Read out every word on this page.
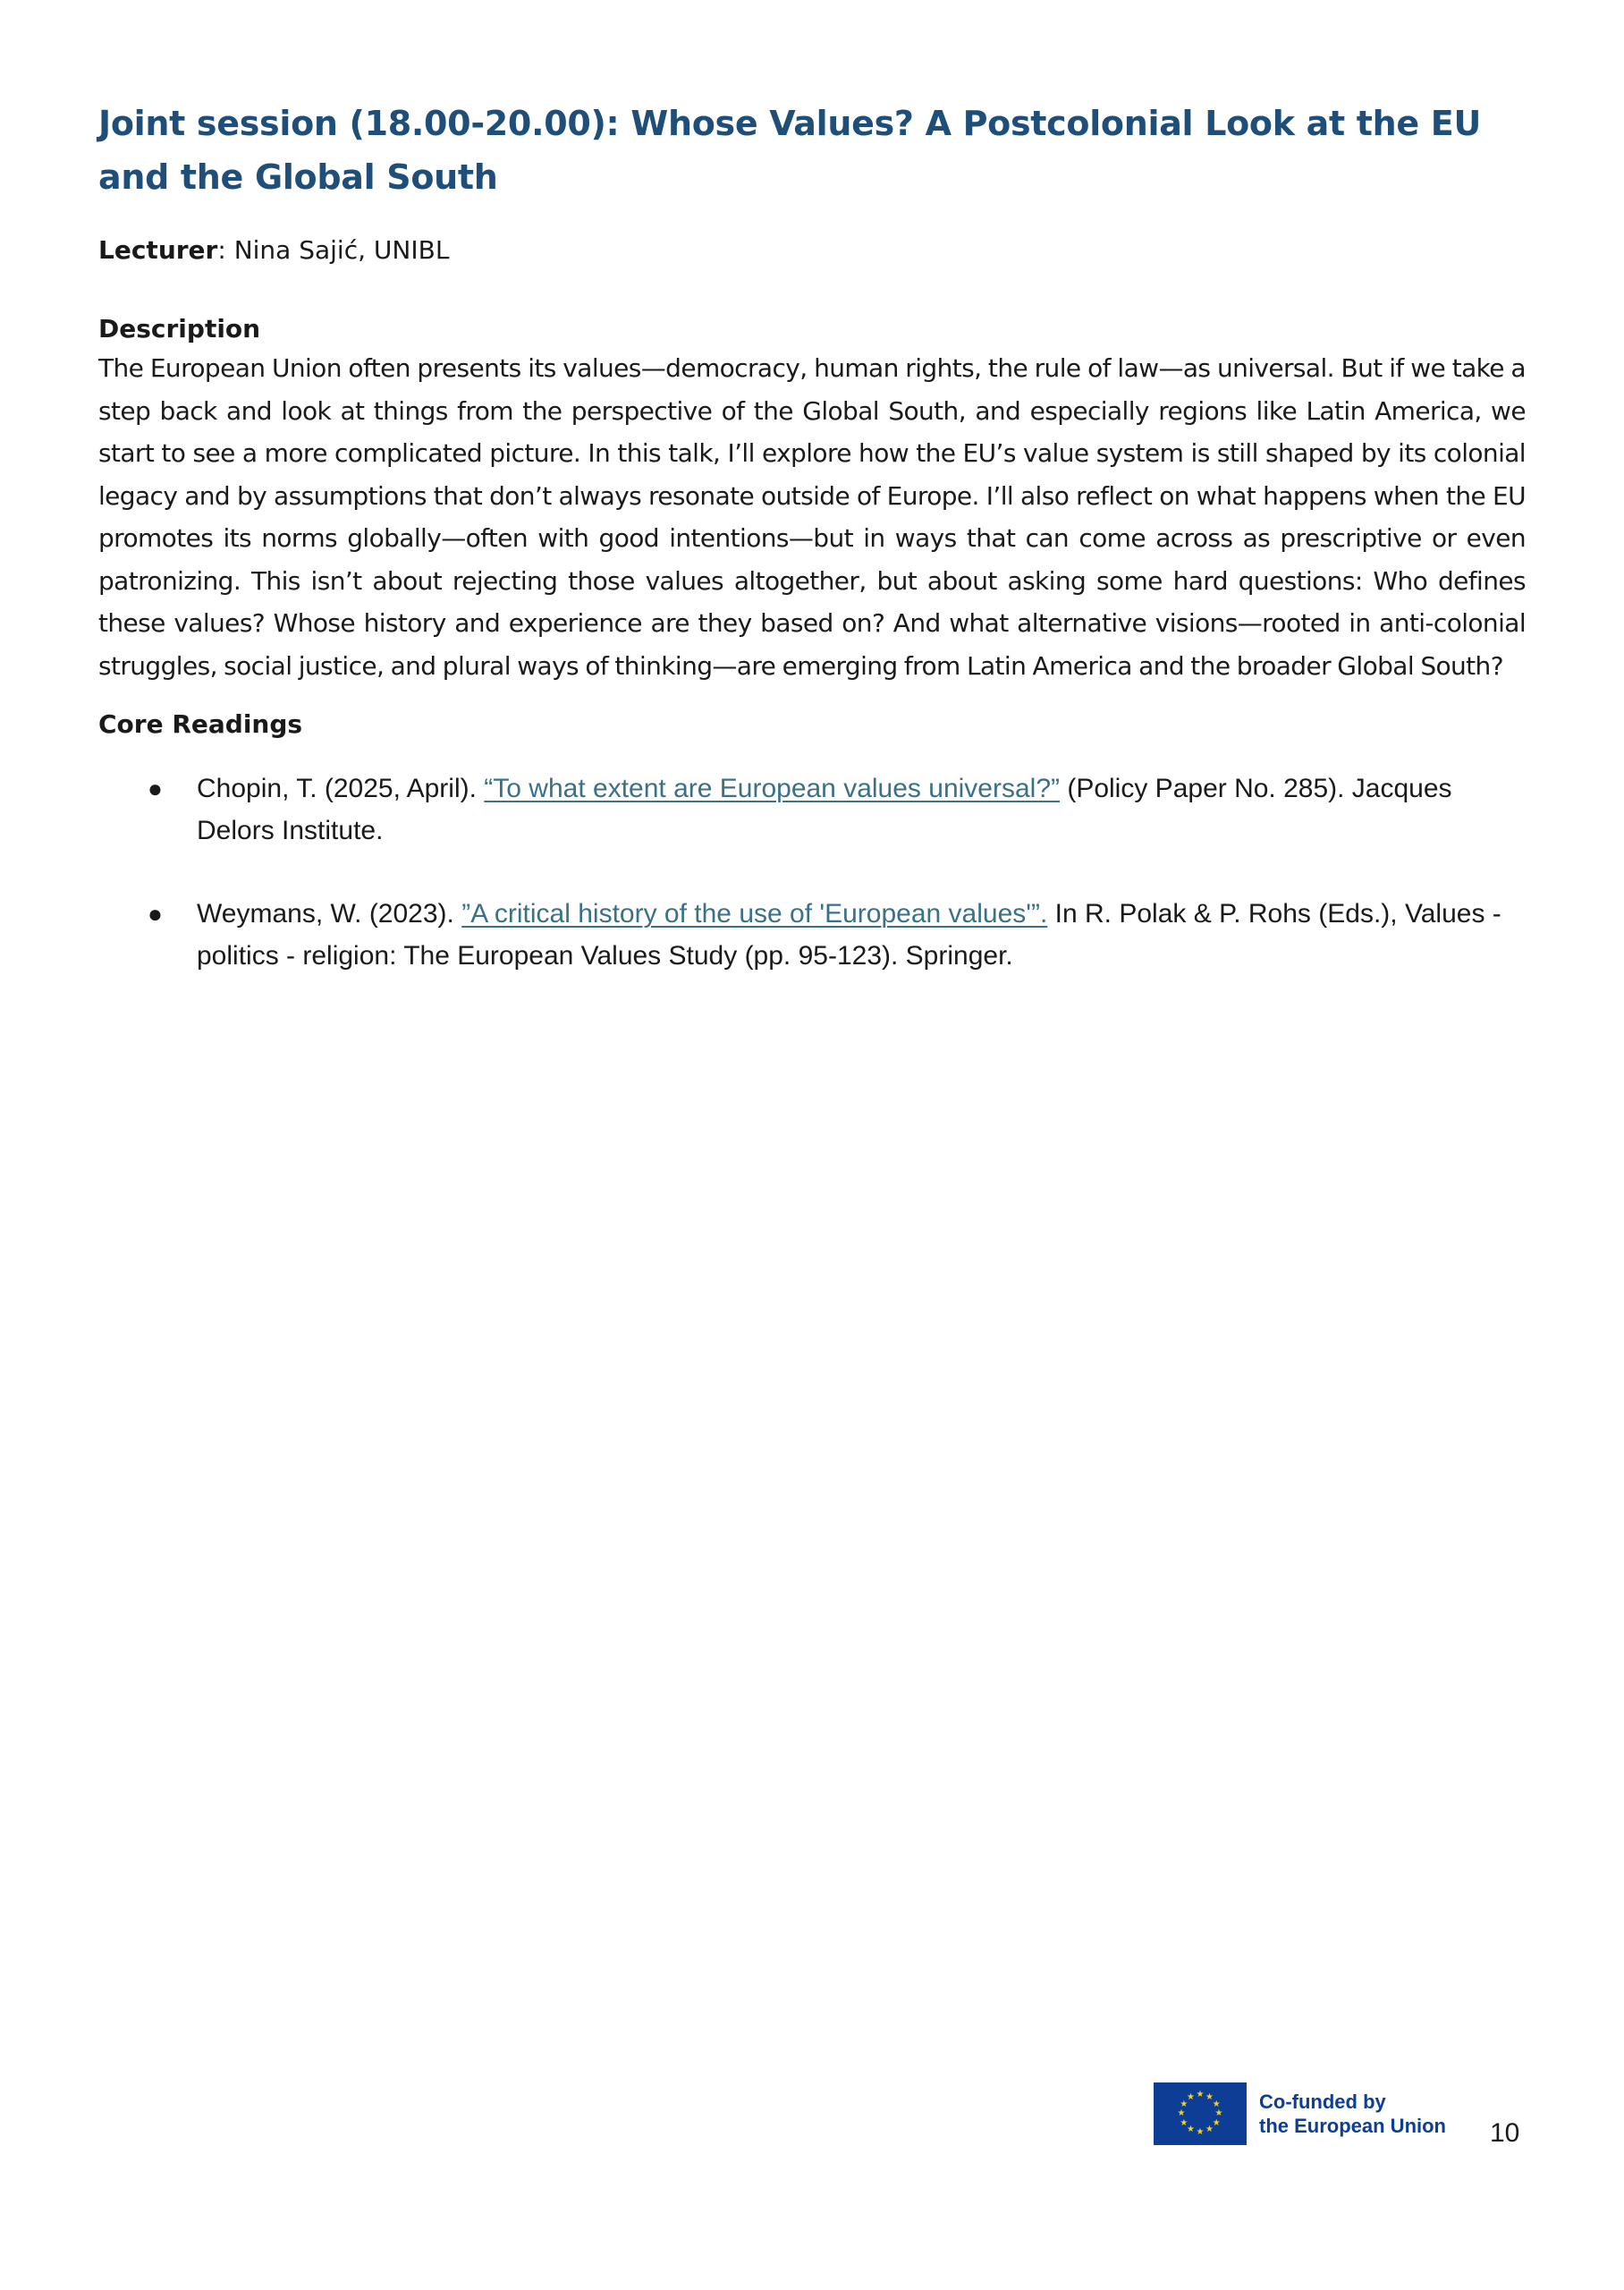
Joint session (18.00-20.00): Whose Values? A Postcolonial Look at the EU and the Global South
Lecturer: Nina Sajić, UNIBL
Description
The European Union often presents its values—democracy, human rights, the rule of law—as universal. But if we take a step back and look at things from the perspective of the Global South, and especially regions like Latin America, we start to see a more complicated picture. In this talk, I’ll explore how the EU’s value system is still shaped by its colonial legacy and by assumptions that don’t always resonate outside of Europe. I’ll also reflect on what happens when the EU promotes its norms globally—often with good intentions—but in ways that can come across as prescriptive or even patronizing. This isn’t about rejecting those values altogether, but about asking some hard questions: Who defines these values? Whose history and experience are they based on? And what alternative visions—rooted in anti-colonial struggles, social justice, and plural ways of thinking—are emerging from Latin America and the broader Global South?
Core Readings
● Chopin, T. (2025, April). “To what extent are European values universal?” (Policy Paper No. 285). Jacques Delors Institute.
● Weymans, W. (2023). ”A critical history of the use of 'European values'”. In R. Polak & P. Rohs (Eds.), Values - politics - religion: The European Values Study (pp. 95-123). Springer.
★ ★
★
★
★
★
★
★
★
★
★
★	Co-funded by
the European Union 10
